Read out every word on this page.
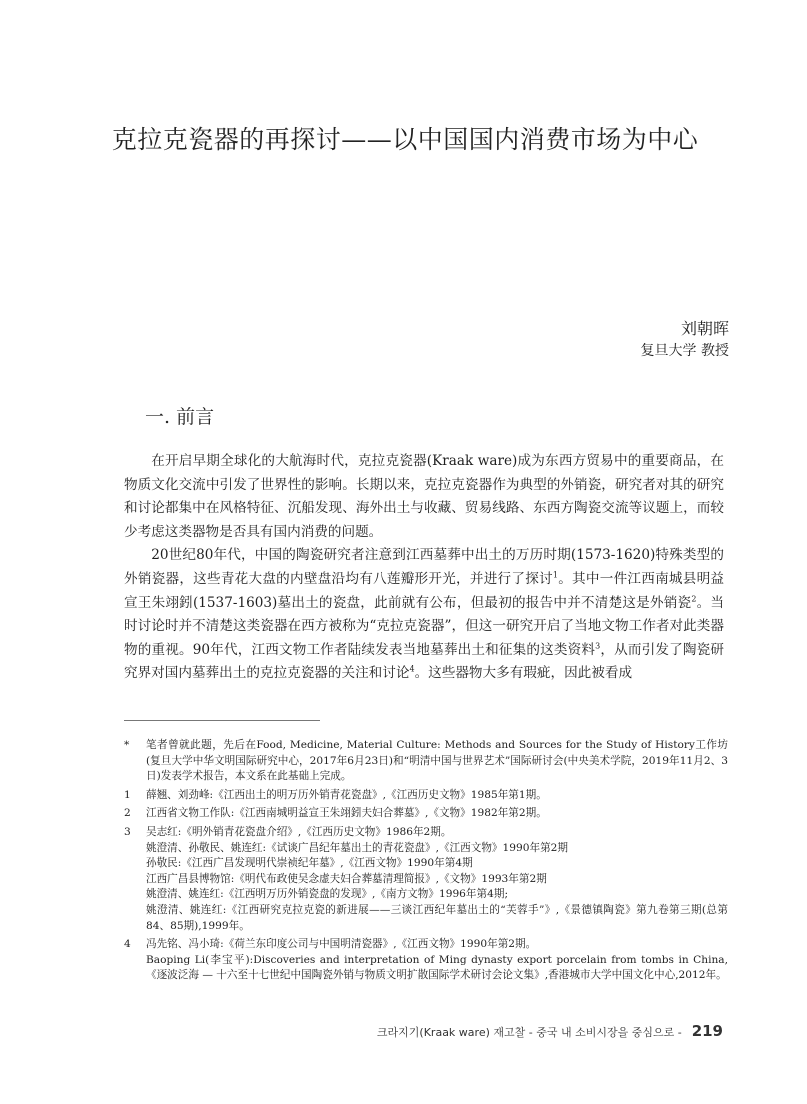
克拉克瓷器的再探讨——以中国国内消费市场为中心
刘朝晖
复旦大学 教授
一. 前言

在开启早期全球化的大航海时代，克拉克瓷器(Kraak ware)成为东西方贸易中的重要商品，在物质文化交流中引发了世界性的影响。长期以来，克拉克瓷器作为典型的外销瓷，研究者对其的研究和讨论都集中在风格特征、沉船发现、海外出土与收藏、贸易线路、东西方陶瓷交流等议题上，而较少考虑这类器物是否具有国内消费的问题。

20世纪80年代，中国的陶瓷研究者注意到江西墓葬中出土的万历时期(1573-1620)特殊类型的外销瓷器，这些青花大盘的内壁盘沿均有八莲瓣形开光，并进行了探讨$^1$。其中一件江西南城县明益宣王朱翊鈏(1537-1603)墓出土的瓷盘，此前就有公布，但最初的报告中并不清楚这是外销瓷$^2$。当时讨论时并不清楚这类瓷器在西方被称为“克拉克瓷器”，但这一研究开启了当地文物工作者对此类器物的重视。90年代，江西文物工作者陆续发表当地墓葬出土和征集的这类资料$^3$，从而引发了陶瓷研究界对国内墓葬出土的克拉克瓷器的关注和讨论$^4$。这些器物大多有瑕疵，因此被看成

*	笔者曾就此题，先后在Food, Medicine, Material Culture: Methods and Sources for the Study of History工作坊(复旦大学中华文明国际研究中心，2017年6月23日)和“明清中国与世界艺术”国际研讨会(中央美术学院，2019年11月2、3日)发表学术报告，本文系在此基础上完成。
1	薛翘、刘劲峰:《江西出土的明万历外销青花瓷盘》,《江西历史文物》1985年第1期。
2	江西省文物工作队:《江西南城明益宣王朱翊鈏夫妇合葬墓》,《文物》1982年第2期。
3	吴志红:《明外销青花瓷盘介绍》,《江西历史文物》1986年2期。
姚澄清、孙敬民、姚连红:《试谈广昌纪年墓出土的青花瓷盘》,《江西文物》1990年第2期
孙敬民:《江西广昌发现明代崇祯纪年墓》,《江西文物》1990年第4期
江西广昌县博物馆:《明代布政使吴念虚夫妇合葬墓清理简报》,《文物》1993年第2期
姚澄清、姚连红:《江西明万历外销瓷盘的发现》,《南方文物》1996年第4期;
姚澄清、姚连红:《江西研究克拉克瓷的新进展——三谈江西纪年墓出土的“芙蓉手”》,《景德镇陶瓷》第九卷第三期(总第84、85期),1999年。
4	冯先铭、冯小琦:《荷兰东印度公司与中国明清瓷器》,《江西文物》1990年第2期。
Baoping Li(李宝平):Discoveries and interpretation of Ming dynasty export porcelain from tombs in China,《逐波泛海 — 十六至十七世纪中国陶瓷外销与物质文明扩散国际学术研讨会论文集》,香港城市大学中国文化中心,2012年。
크라지기(Kraak ware) 재고찰 - 중국 내 소비시장을 중심으로 - 219
